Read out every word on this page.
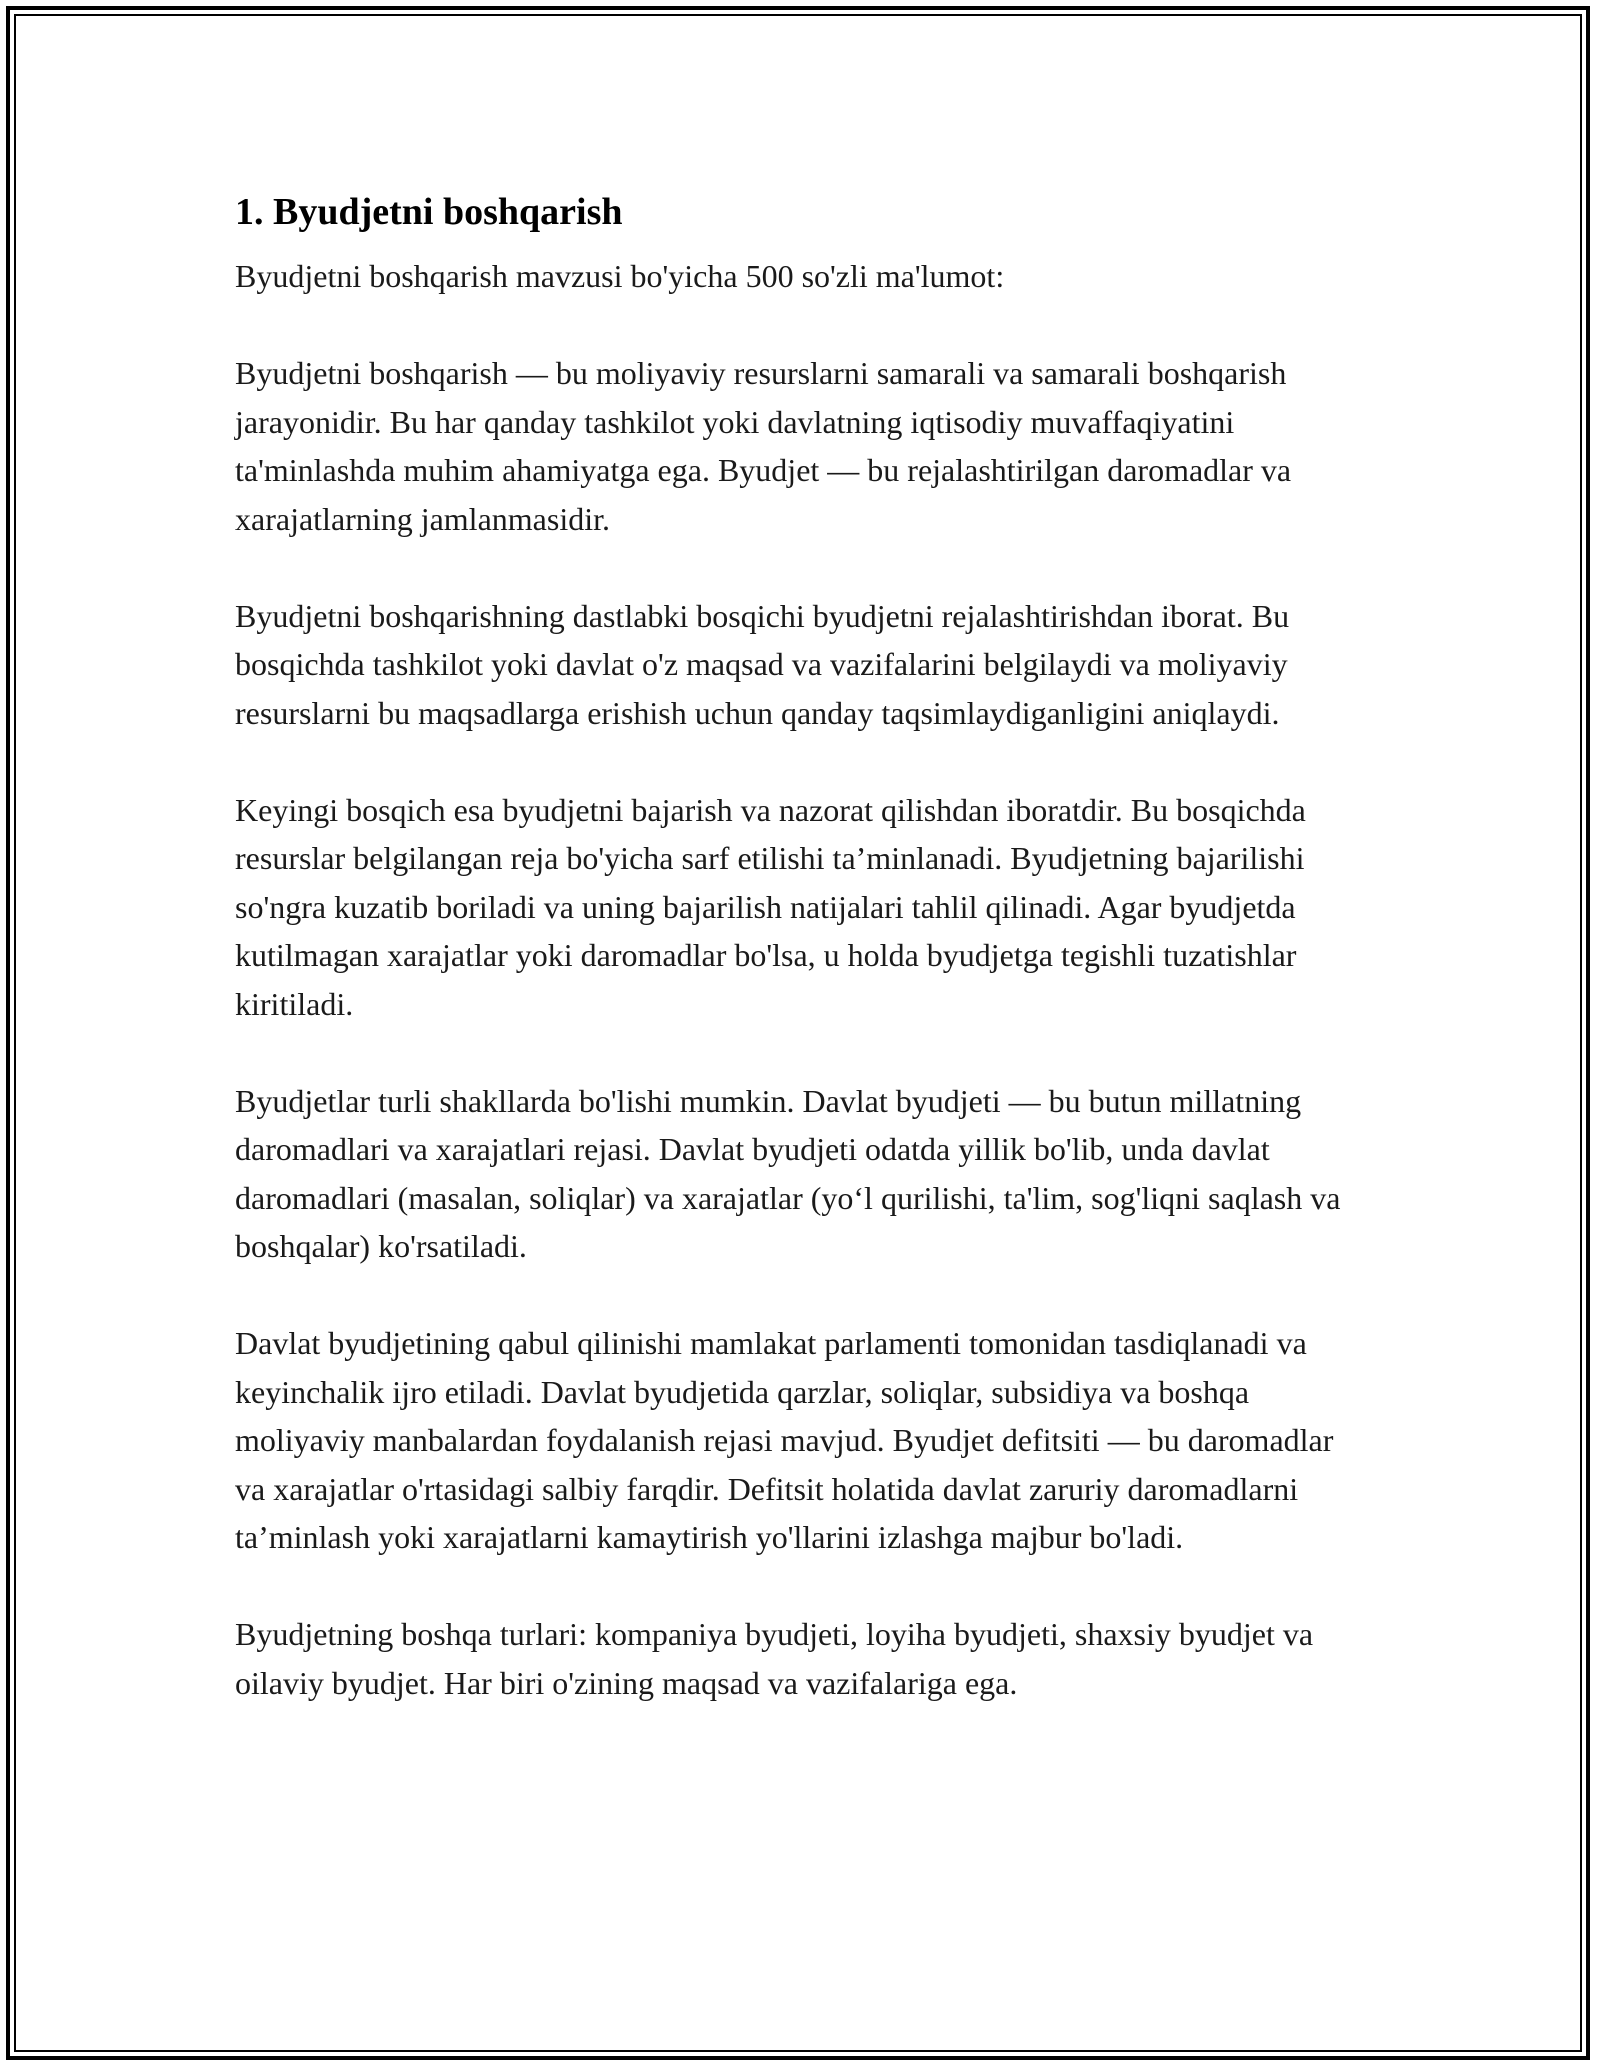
1. Byudjetni boshqarish

Byudjetni boshqarish mavzusi bo'yicha 500 so'zli ma'lumot:

Byudjetni boshqarish — bu moliyaviy resurslarni samarali va samarali boshqarish jarayonidir. Bu har qanday tashkilot yoki davlatning iqtisodiy muvaffaqiyatini ta'minlashda muhim ahamiyatga ega. Byudjet — bu rejalashtirilgan daromadlar va xarajatlarning jamlanmasidir.

Byudjetni boshqarishning dastlabki bosqichi byudjetni rejalashtirishdan iborat. Bu bosqichda tashkilot yoki davlat o'z maqsad va vazifalarini belgilaydi va moliyaviy resurslarni bu maqsadlarga erishish uchun qanday taqsimlaydiganligini aniqlaydi.

Keyingi bosqich esa byudjetni bajarish va nazorat qilishdan iboratdir. Bu bosqichda resurslar belgilangan reja bo'yicha sarf etilishi ta’minlanadi. Byudjetning bajarilishi so'ngra kuzatib boriladi va uning bajarilish natijalari tahlil qilinadi. Agar byudjetda kutilmagan xarajatlar yoki daromadlar bo'lsa, u holda byudjetga tegishli tuzatishlar kiritiladi.

Byudjetlar turli shakllarda bo'lishi mumkin. Davlat byudjeti — bu butun millatning daromadlari va xarajatlari rejasi. Davlat byudjeti odatda yillik bo'lib, unda davlat daromadlari (masalan, soliqlar) va xarajatlar (yo‘l qurilishi, ta'lim, sog'liqni saqlash va boshqalar) ko'rsatiladi.

Davlat byudjetining qabul qilinishi mamlakat parlamenti tomonidan tasdiqlanadi va keyinchalik ijro etiladi. Davlat byudjetida qarzlar, soliqlar, subsidiya va boshqa moliyaviy manbalardan foydalanish rejasi mavjud. Byudjet defitsiti — bu daromadlar va xarajatlar o'rtasidagi salbiy farqdir. Defitsit holatida davlat zaruriy daromadlarni ta’minlash yoki xarajatlarni kamaytirish yo'llarini izlashga majbur bo'ladi.

Byudjetning boshqa turlari: kompaniya byudjeti, loyiha byudjeti, shaxsiy byudjet va oilaviy byudjet. Har biri o'zining maqsad va vazifalariga ega.
